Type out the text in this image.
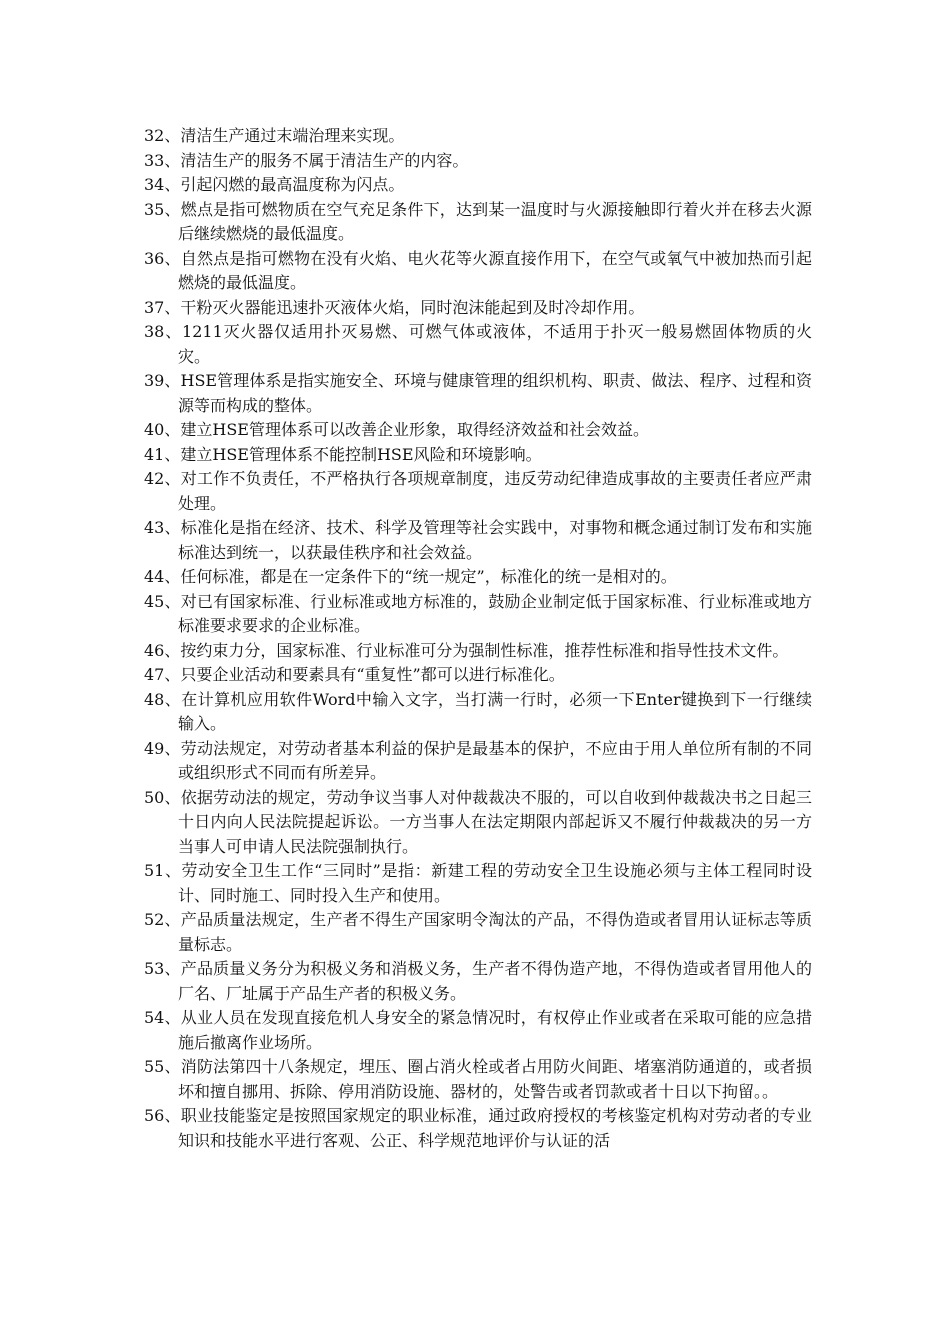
32、清洁生产通过末端治理来实现。
33、清洁生产的服务不属于清洁生产的内容。
34、引起闪燃的最高温度称为闪点。
35、燃点是指可燃物质在空气充足条件下，达到某一温度时与火源接触即行着火并在移去火源后继续燃烧的最低温度。
36、自然点是指可燃物在没有火焰、电火花等火源直接作用下，在空气或氧气中被加热而引起燃烧的最低温度。
37、干粉灭火器能迅速扑灭液体火焰，同时泡沫能起到及时冷却作用。
38、1211灭火器仅适用扑灭易燃、可燃气体或液体，不适用于扑灭一般易燃固体物质的火灾。
39、HSE管理体系是指实施安全、环境与健康管理的组织机构、职责、做法、程序、过程和资源等而构成的整体。
40、建立HSE管理体系可以改善企业形象，取得经济效益和社会效益。
41、建立HSE管理体系不能控制HSE风险和环境影响。
42、对工作不负责任，不严格执行各项规章制度，违反劳动纪律造成事故的主要责任者应严肃处理。
43、标准化是指在经济、技术、科学及管理等社会实践中，对事物和概念通过制订发布和实施标准达到统一，以获最佳秩序和社会效益。
44、任何标准，都是在一定条件下的“统一规定”，标准化的统一是相对的。
45、对已有国家标准、行业标准或地方标准的，鼓励企业制定低于国家标准、行业标准或地方标准要求要求的企业标准。
46、按约束力分，国家标准、行业标准可分为强制性标准，推荐性标准和指导性技术文件。
47、只要企业活动和要素具有“重复性”都可以进行标准化。
48、在计算机应用软件Word中输入文字，当打满一行时，必须一下Enter键换到下一行继续输入。
49、劳动法规定，对劳动者基本利益的保护是最基本的保护，不应由于用人单位所有制的不同或组织形式不同而有所差异。
50、依据劳动法的规定，劳动争议当事人对仲裁裁决不服的，可以自收到仲裁裁决书之日起三十日内向人民法院提起诉讼。一方当事人在法定期限内部起诉又不履行仲裁裁决的另一方当事人可申请人民法院强制执行。
51、劳动安全卫生工作“三同时”是指：新建工程的劳动安全卫生设施必须与主体工程同时设计、同时施工、同时投入生产和使用。
52、产品质量法规定，生产者不得生产国家明令淘汰的产品，不得伪造或者冒用认证标志等质量标志。
53、产品质量义务分为积极义务和消极义务，生产者不得伪造产地，不得伪造或者冒用他人的厂名、厂址属于产品生产者的积极义务。
54、从业人员在发现直接危机人身安全的紧急情况时，有权停止作业或者在采取可能的应急措施后撤离作业场所。
55、消防法第四十八条规定，埋压、圈占消火栓或者占用防火间距、堵塞消防通道的，或者损坏和擅自挪用、拆除、停用消防设施、器材的，处警告或者罚款或者十日以下拘留。。
56、职业技能鉴定是按照国家规定的职业标准，通过政府授权的考核鉴定机构对劳动者的专业知识和技能水平进行客观、公正、科学规范地评价与认证的活
